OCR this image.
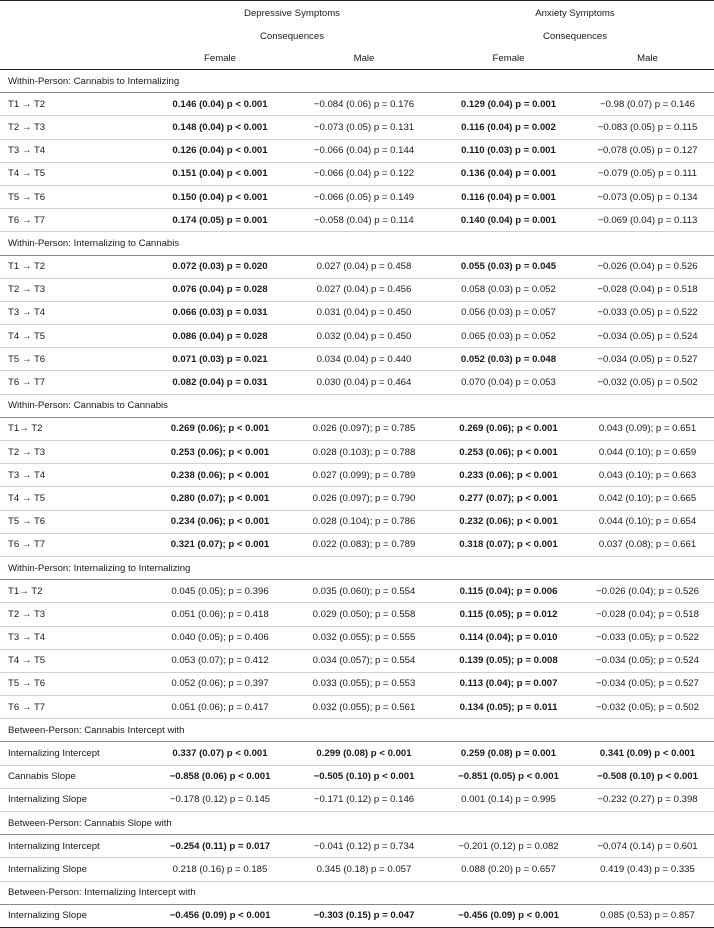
	Depressive Symptoms		Anxiety Symptoms	

	Consequences		Consequences	

	Female	Male	Female	Male
Within-Person: Cannabis to Internalizing				
T1 → T2	0.146 (0.04) p < 0.001	−0.084 (0.06) p = 0.176	0.129 (0.04) p = 0.001	−0.98 (0.07) p = 0.146
T2 → T3	0.148 (0.04) p < 0.001	−0.073 (0.05) p = 0.131	0.116 (0.04) p = 0.002	−0.083 (0.05) p = 0.115
T3 → T4	0.126 (0.04) p < 0.001	−0.066 (0.04) p = 0.144	0.110 (0.03) p = 0.001	−0.078 (0.05) p = 0.127
T4 → T5	0.151 (0.04) p < 0.001	−0.066 (0.04) p = 0.122	0.136 (0.04) p = 0.001	−0.079 (0.05) p = 0.111
T5 → T6	0.150 (0.04) p < 0.001	−0.066 (0.05) p = 0.149	0.116 (0.04) p = 0.001	−0.073 (0.05) p = 0.134
T6 → T7	0.174 (0.05) p = 0.001	−0.058 (0.04) p = 0.114	0.140 (0.04) p = 0.001	−0.069 (0.04) p = 0.113
Within-Person: Internalizing to Cannabis				
T1 → T2	0.072 (0.03) p = 0.020	0.027 (0.04) p = 0.458	0.055 (0.03) p = 0.045	−0.026 (0.04) p = 0.526
T2 → T3	0.076 (0.04) p = 0.028	0.027 (0.04) p = 0.456	0.058 (0.03) p = 0.052	−0.028 (0.04) p = 0.518
T3 → T4	0.066 (0.03) p = 0.031	0.031 (0.04) p = 0.450	0.056 (0.03) p = 0.057	−0.033 (0.05) p = 0.522
T4 → T5	0.086 (0.04) p = 0.028	0.032 (0.04) p = 0.450	0.065 (0.03) p = 0.052	−0.034 (0.05) p = 0.524
T5 → T6	0.071 (0.03) p = 0.021	0.034 (0.04) p = 0.440	0.052 (0.03) p = 0.048	−0.034 (0.05) p = 0.527
T6 → T7	0.082 (0.04) p = 0.031	0.030 (0.04) p = 0.464	0.070 (0.04) p = 0.053	−0.032 (0.05) p = 0.502
Within-Person: Cannabis to Cannabis				
T1→ T2	0.269 (0.06); p < 0.001	0.026 (0.097); p = 0.785	0.269 (0.06); p < 0.001	0.043 (0.09); p = 0.651
T2 → T3	0.253 (0.06); p < 0.001	0.028 (0.103); p = 0.788	0.253 (0.06); p < 0.001	0.044 (0.10); p = 0.659
T3 → T4	0.238 (0.06); p < 0.001	0.027 (0.099); p = 0.789	0.233 (0.06); p < 0.001	0.043 (0.10); p = 0.663
T4 → T5	0.280 (0.07); p < 0.001	0.026 (0.097); p = 0.790	0.277 (0.07); p < 0.001	0.042 (0.10); p = 0.665
T5 → T6	0.234 (0.06); p < 0.001	0.028 (0.104); p = 0.786	0.232 (0.06); p < 0.001	0.044 (0.10); p = 0.654
T6 → T7	0.321 (0.07); p < 0.001	0.022 (0.083); p = 0.789	0.318 (0.07); p < 0.001	0.037 (0.08); p = 0.661
Within-Person: Internalizing to Internalizing				
T1→ T2	0.045 (0.05); p = 0.396	0.035 (0.060); p = 0.554	0.115 (0.04); p = 0.006	−0.026 (0.04); p = 0.526
T2 → T3	0.051 (0.06); p = 0.418	0.029 (0.050); p = 0.558	0.115 (0.05); p = 0.012	−0.028 (0.04); p = 0.518
T3 → T4	0.040 (0.05); p = 0.406	0.032 (0.055); p = 0.555	0.114 (0.04); p = 0.010	−0.033 (0.05); p = 0.522
T4 → T5	0.053 (0.07); p = 0.412	0.034 (0.057); p = 0.554	0.139 (0.05); p = 0.008	−0.034 (0.05); p = 0.524
T5 → T6	0.052 (0.06); p = 0.397	0.033 (0.055); p = 0.553	0.113 (0.04); p = 0.007	−0.034 (0.05); p = 0.527
T6 → T7	0.051 (0.06); p = 0.417	0.032 (0.055); p = 0.561	0.134 (0.05); p = 0.011	−0.032 (0.05); p = 0.502
Between-Person: Cannabis Intercept with				
Internalizing Intercept	0.337 (0.07) p < 0.001	0.299 (0.08) p < 0.001	0.259 (0.08) p = 0.001	0.341 (0.09) p < 0.001
Cannabis Slope	−0.858 (0.06) p < 0.001	−0.505 (0.10) p < 0.001	−0.851 (0.05) p < 0.001	−0.508 (0.10) p < 0.001
Internalizing Slope	−0.178 (0.12) p = 0.145	−0.171 (0.12) p = 0.146	0.001 (0.14) p = 0.995	−0.232 (0.27) p = 0.398
Between-Person: Cannabis Slope with				
Internalizing Intercept	−0.254 (0.11) p = 0.017	−0.041 (0.12) p = 0.734	−0.201 (0.12) p = 0.082	−0.074 (0.14) p = 0.601
Internalizing Slope	0.218 (0.16) p = 0.185	0.345 (0.18) p = 0.057	0.088 (0.20) p = 0.657	0.419 (0.43) p = 0.335
Between-Person: Internalizing Intercept with				
Internalizing Slope	−0.456 (0.09) p < 0.001	−0.303 (0.15) p = 0.047	−0.456 (0.09) p < 0.001	0.085 (0.53) p = 0.857
